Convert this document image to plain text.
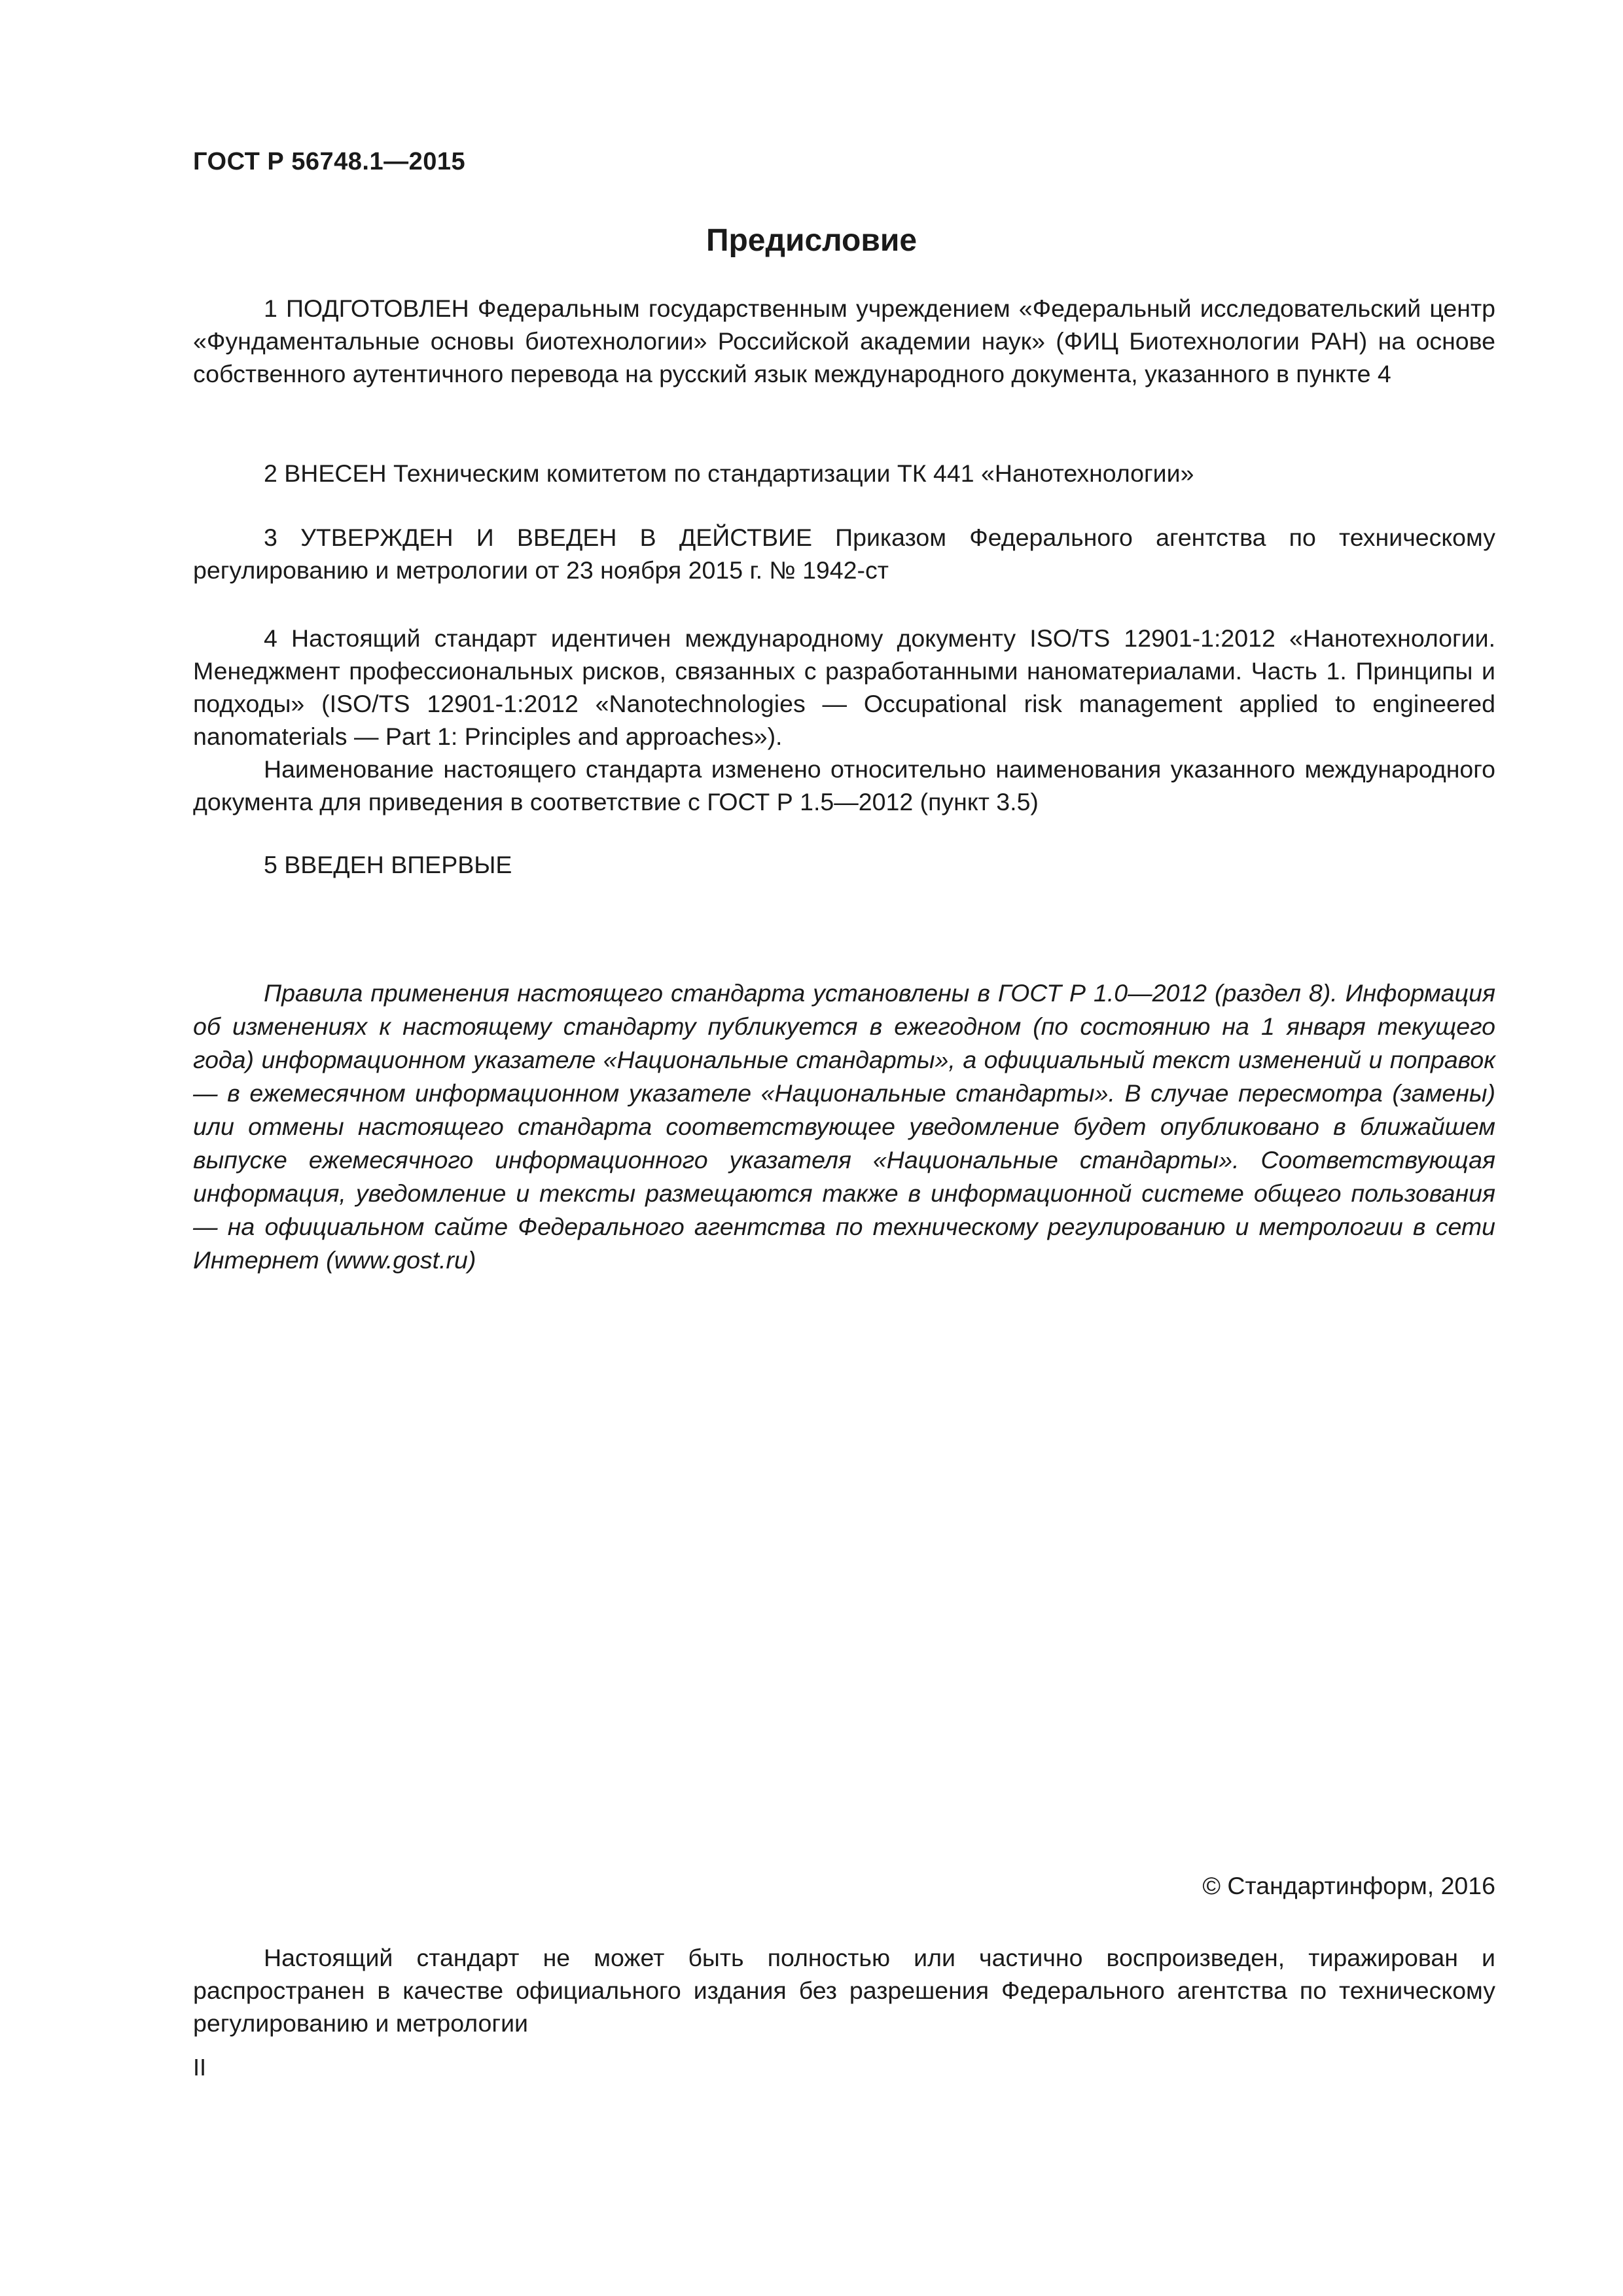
ГОСТ Р 56748.1—2015
Предисловие

1 ПОДГОТОВЛЕН Федеральным государственным учреждением «Федеральный исследовательский центр «Фундаментальные основы биотехнологии» Российской академии наук» (ФИЦ Биотехнологии РАН) на основе собственного аутентичного перевода на русский язык международного документа, указанного в пункте 4

2 ВНЕСЕН Техническим комитетом по стандартизации ТК 441 «Нанотехнологии»

3 УТВЕРЖДЕН И ВВЕДЕН В ДЕЙСТВИЕ Приказом Федерального агентства по техническому регулированию и метрологии от 23 ноября 2015 г. № 1942-ст

4 Настоящий стандарт идентичен международному документу ISO/TS 12901-1:2012 «Нанотехнологии. Менеджмент профессиональных рисков, связанных с разработанными наноматериалами. Часть 1. Принципы и подходы» (ISO/TS 12901-1:2012 «Nanotechnologies — Occupational risk management applied to engineered nanomaterials — Part 1: Principles and approaches»).

Наименование настоящего стандарта изменено относительно наименования указанного международного документа для приведения в соответствие с ГОСТ Р 1.5—2012 (пункт 3.5)

5 ВВЕДЕН ВПЕРВЫЕ

Правила применения настоящего стандарта установлены в ГОСТ Р 1.0—2012 (раздел 8). Информация об изменениях к настоящему стандарту публикуется в ежегодном (по состоянию на 1 января текущего года) информационном указателе «Национальные стандарты», а официальный текст изменений и поправок — в ежемесячном информационном указателе «Национальные стандарты». В случае пересмотра (замены) или отмены настоящего стандарта соответствующее уведомление будет опубликовано в ближайшем выпуске ежемесячного информационного указателя «Национальные стандарты». Соответствующая информация, уведомление и тексты размещаются также в информационной системе общего пользования — на официальном сайте Федерального агентства по техническому регулированию и метрологии в сети Интернет (www.gost.ru)
© Стандартинформ, 2016
Настоящий стандарт не может быть полностью или частично воспроизведен, тиражирован и распространен в качестве официального издания без разрешения Федерального агентства по техническому регулированию и метрологии
II
